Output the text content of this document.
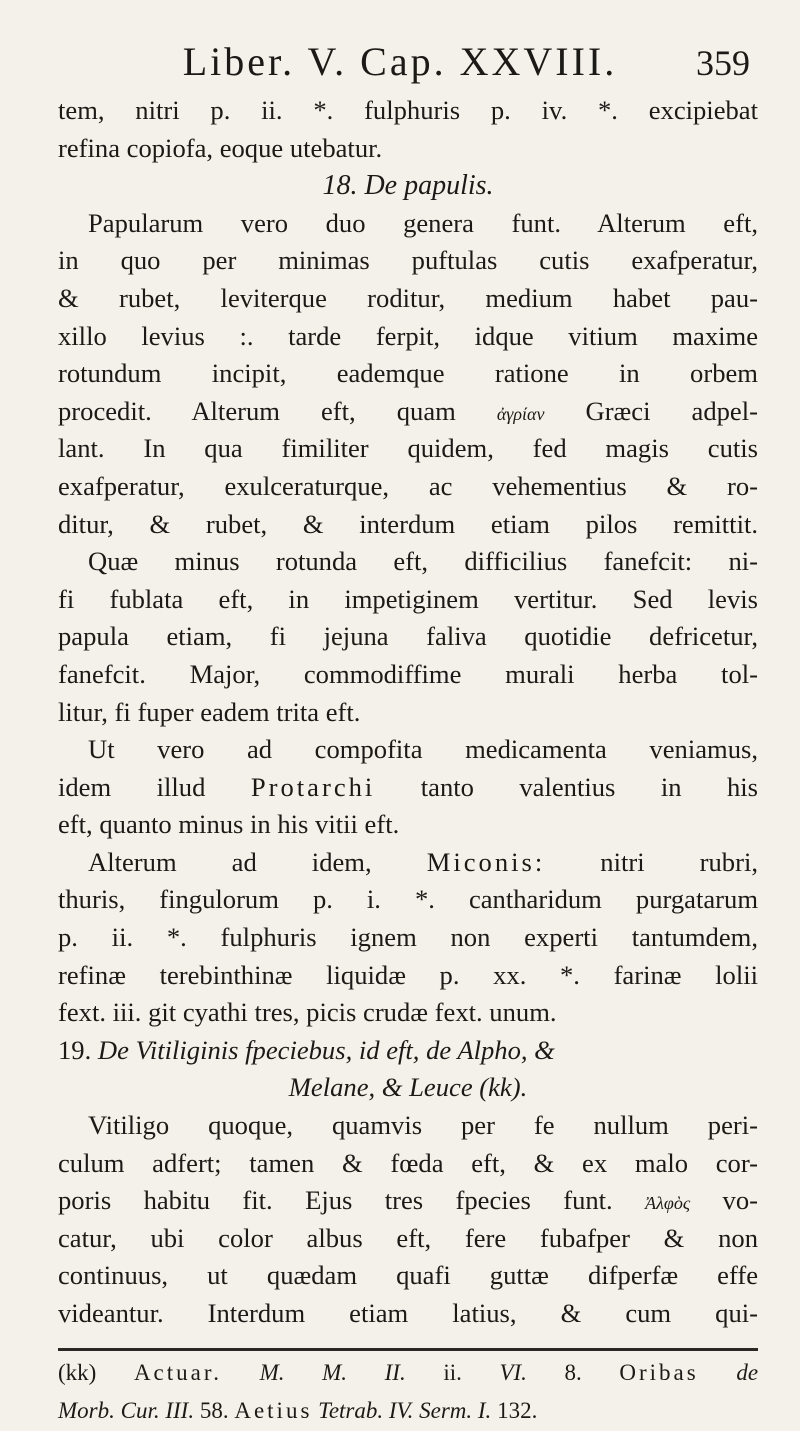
Liber. V. Cap. XXVIII.	359
tem, nitri p. ii. *. fulphuris p. iv. *. excipiebat
refina copiofa, eoque utebatur.
18. De papulis.
Papularum vero duo genera funt. Alterum eft,
in quo per minimas puftulas cutis exafperatur,
& rubet, leviterque roditur, medium habet pau-
xillo levius :. tarde ferpit, idque vitium maxime
rotundum incipit, eademque ratione in orbem
procedit. Alterum eft, quam ἀγρίαν Græci adpel-
lant. In qua fimiliter quidem, fed magis cutis
exafperatur, exulceraturque, ac vehementius & ro-
ditur, & rubet, & interdum etiam pilos remittit.
Quæ minus rotunda eft, difficilius fanefcit: ni-
fi fublata eft, in impetiginem vertitur. Sed levis
papula etiam, fi jejuna faliva quotidie defricetur,
fanefcit. Major, commodiffime murali herba tol-
litur, fi fuper eadem trita eft.
Ut vero ad compofita medicamenta veniamus,
idem illud Protarchi tanto valentius in his
eft, quanto minus in his vitii eft.
Alterum ad idem, Miconis: nitri rubri,
thuris, fingulorum p. i. *. cantharidum purgatarum
p. ii. *. fulphuris ignem non experti tantumdem,
refinæ terebinthinæ liquidæ p. xx. *. farinæ lolii
fext. iii. git cyathi tres, picis crudæ fext. unum.
19. De Vitiliginis fpeciebus, id eft, de Alpho, &
Melane, & Leuce (kk).
Vitiligo quoque, quamvis per fe nullum peri-
culum adfert; tamen & fœda eft, & ex malo cor-
poris habitu fit. Ejus tres fpecies funt. Ἀλφὸς vo-
catur, ubi color albus eft, fere fubafper & non
continuus, ut quædam quafi guttæ difperfæ effe
videantur. Interdum etiam latius, & cum qui-
(kk) Actuar. M. M. II. ii. VI. 8. Oribas de
Morb. Cur. III. 58. Aetius Tetrab. IV. Serm. I. 132.
